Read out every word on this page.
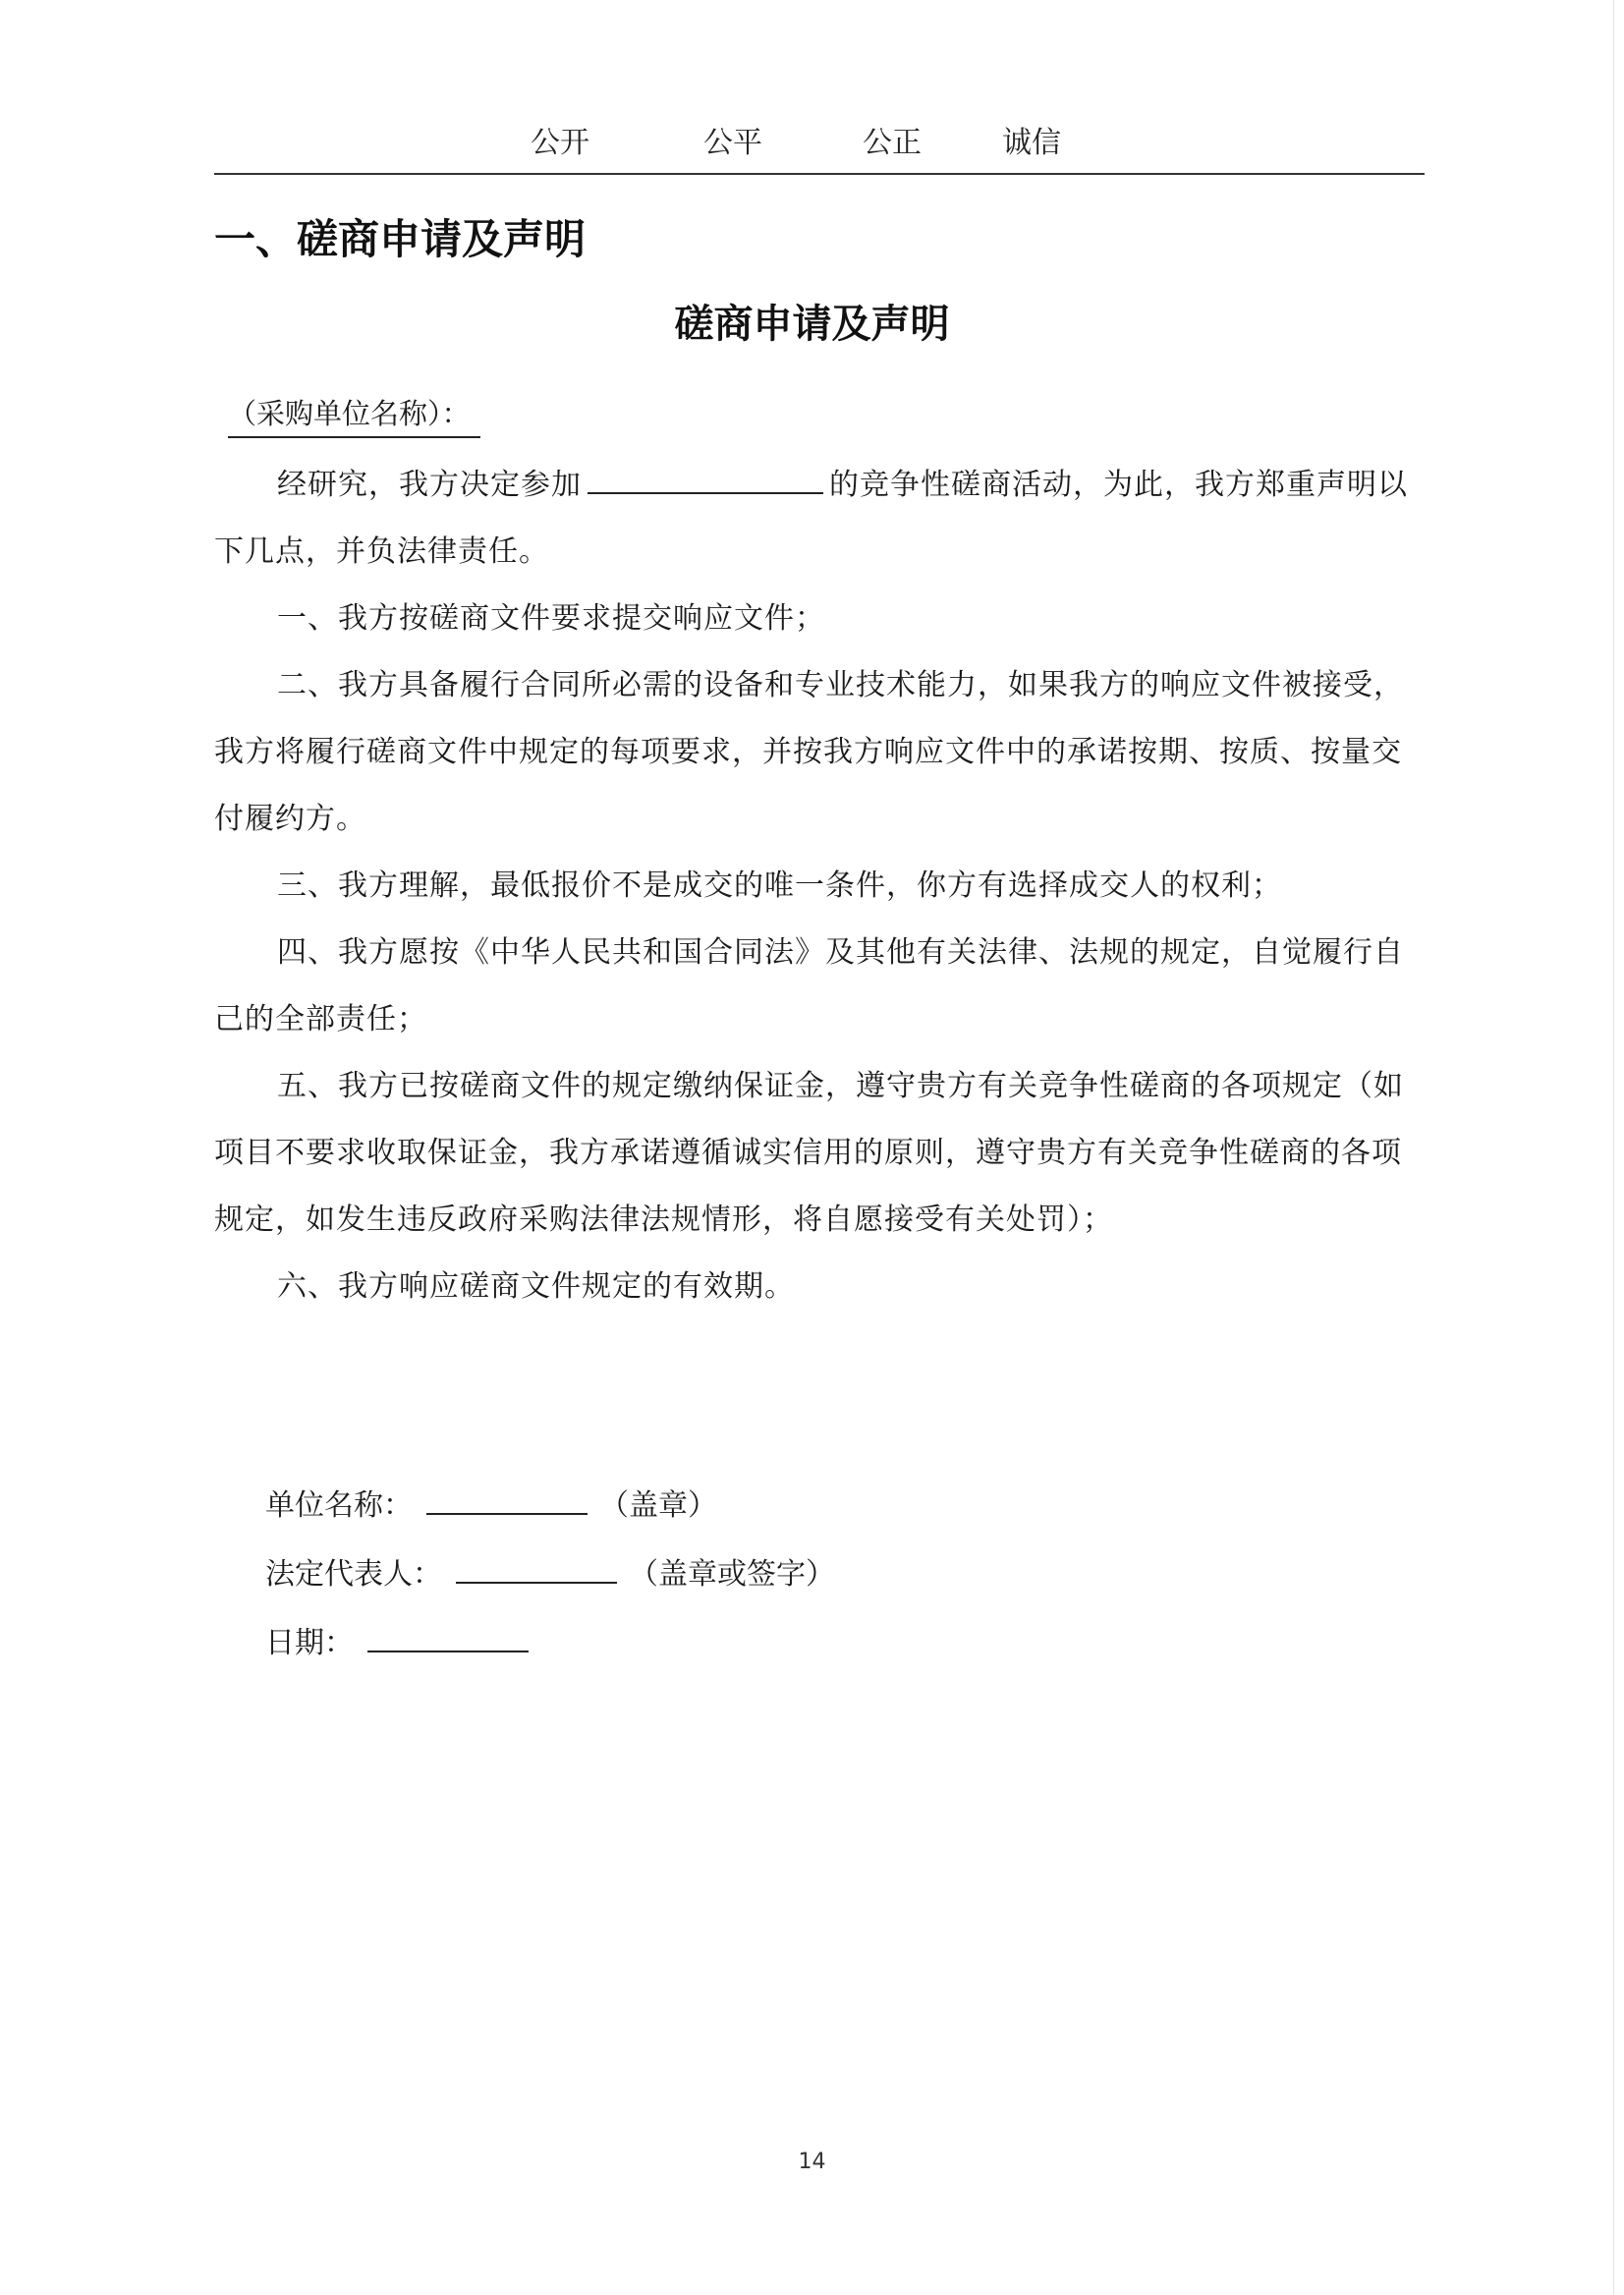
公开	公平	公正	诚信
一、磋商申请及声明
磋商申请及声明
（采购单位名称）：
经研究，我方决定参加	的竞争性磋商活动，为此，我方郑重声明以下几点，并负法律责任。
一、我方按磋商文件要求提交响应文件；
二、我方具备履行合同所必需的设备和专业技术能力，如果我方的响应文件被接受，我方将履行磋商文件中规定的每项要求，并按我方响应文件中的承诺按期、按质、按量交付履约方。
三、我方理解，最低报价不是成交的唯一条件，你方有选择成交人的权利；
四、我方愿按《中华人民共和国合同法》及其他有关法律、法规的规定，自觉履行自己的全部责任；
五、我方已按磋商文件的规定缴纳保证金，遵守贵方有关竞争性磋商的各项规定（如项目不要求收取保证金，我方承诺遵循诚实信用的原则，遵守贵方有关竞争性磋商的各项规定，如发生违反政府采购法律法规情形，将自愿接受有关处罚）；
六、我方响应磋商文件规定的有效期。
单位名称：	（盖章）
法定代表人：	（盖章或签字）
日期：
14
